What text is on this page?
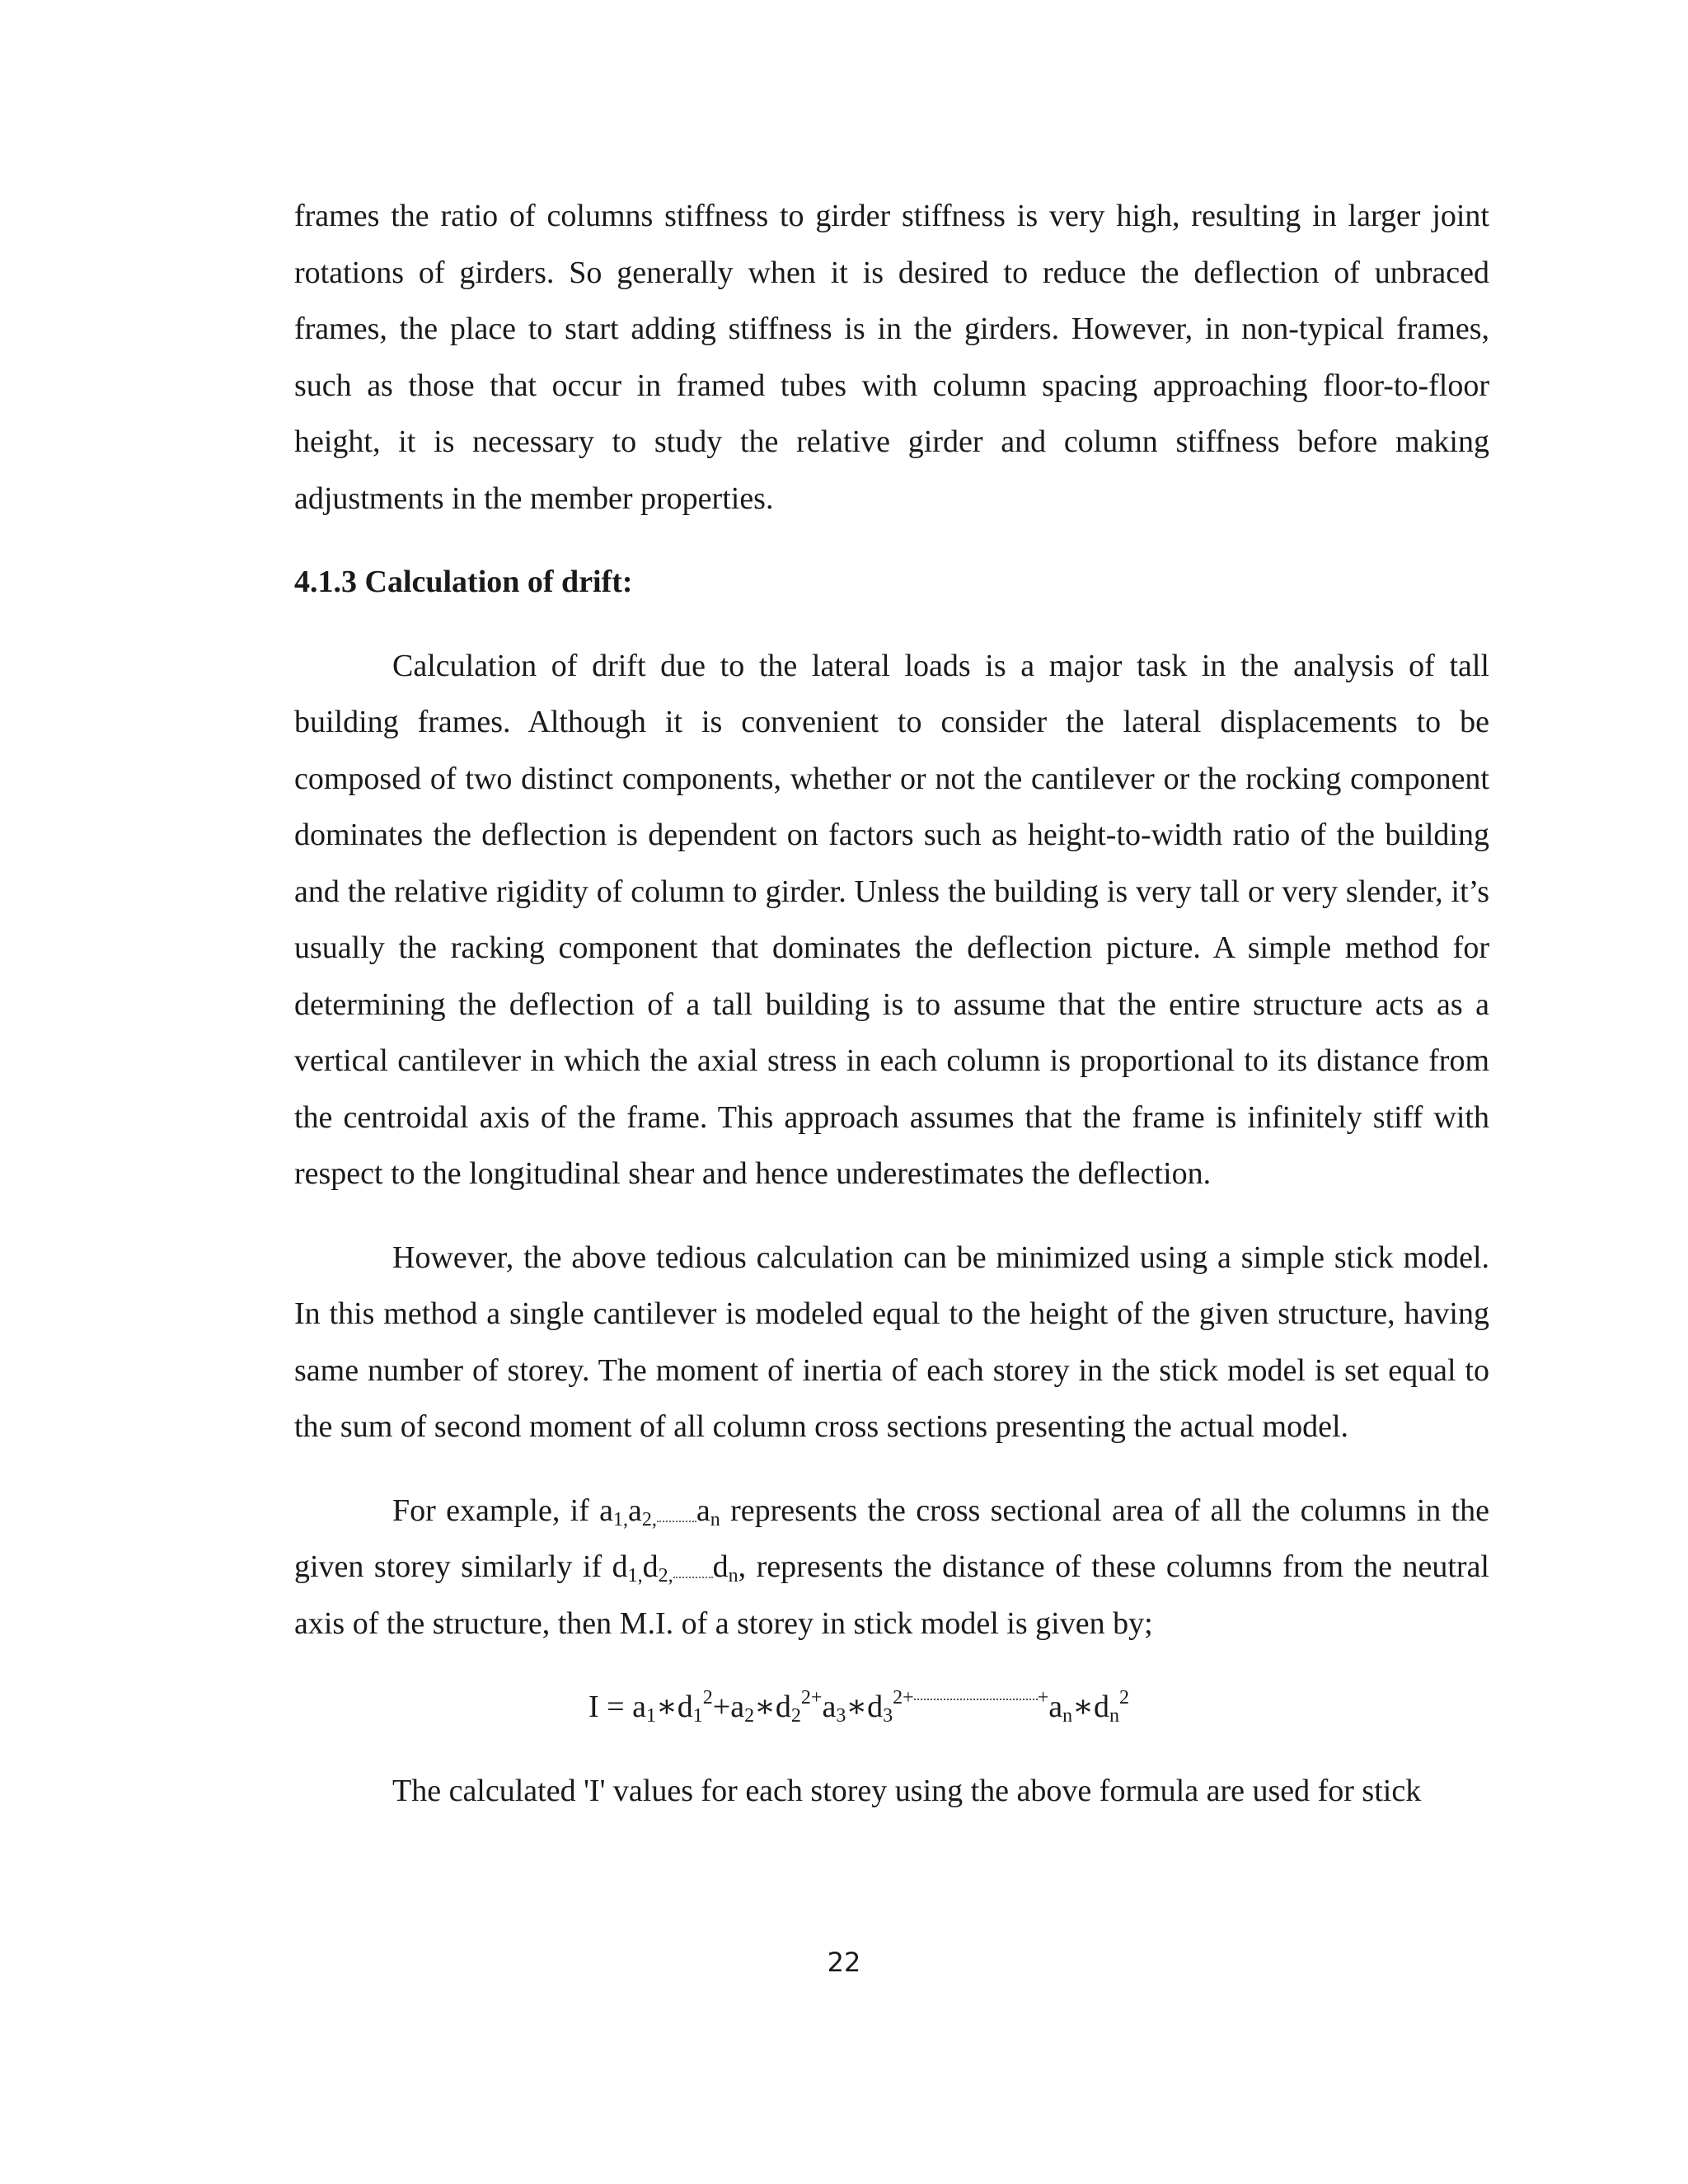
frames the ratio of columns stiffness to girder stiffness is very high, resulting in larger joint rotations of girders. So generally when it is desired to reduce the deflection of unbraced frames, the place to start adding stiffness is in the girders. However, in non-typical frames, such as those that occur in framed tubes with column spacing approaching floor-to-floor height, it is necessary to study the relative girder and column stiffness before making adjustments in the member properties.

4.1.3 Calculation of drift:

Calculation of drift due to the lateral loads is a major task in the analysis of tall building frames. Although it is convenient to consider the lateral displacements to be composed of two distinct components, whether or not the cantilever or the rocking component dominates the deflection is dependent on factors such as height-to-width ratio of the building and the relative rigidity of column to girder. Unless the building is very tall or very slender, it’s usually the racking component that dominates the deflection picture. A simple method for determining the deflection of a tall building is to assume that the entire structure acts as a vertical cantilever in which the axial stress in each column is proportional to its distance from the centroidal axis of the frame. This approach assumes that the frame is infinitely stiff with respect to the longitudinal shear and hence underestimates the deflection.

However, the above tedious calculation can be minimized using a simple stick model. In this method a single cantilever is modeled equal to the height of the given structure, having same number of storey. The moment of inertia of each storey in the stick model is set equal to the sum of second moment of all column cross sections presenting the actual model.

For example, if $a_{1,}a_{2,}$ $a_n$ represents the cross sectional area of all the columns in the given storey similarly if $d_{1,}d_{2,}$ $d_n$, represents the distance of these columns from the neutral axis of the structure, then M.I. of a storey in stick model is given by;

$I = a_1∗d_1^2+a_2∗d_2^{2+}a_3∗d_3^{2+}$	$^+a_n∗d_n^2$

The calculated 'I' values for each storey using the above formula are used for stick

22
